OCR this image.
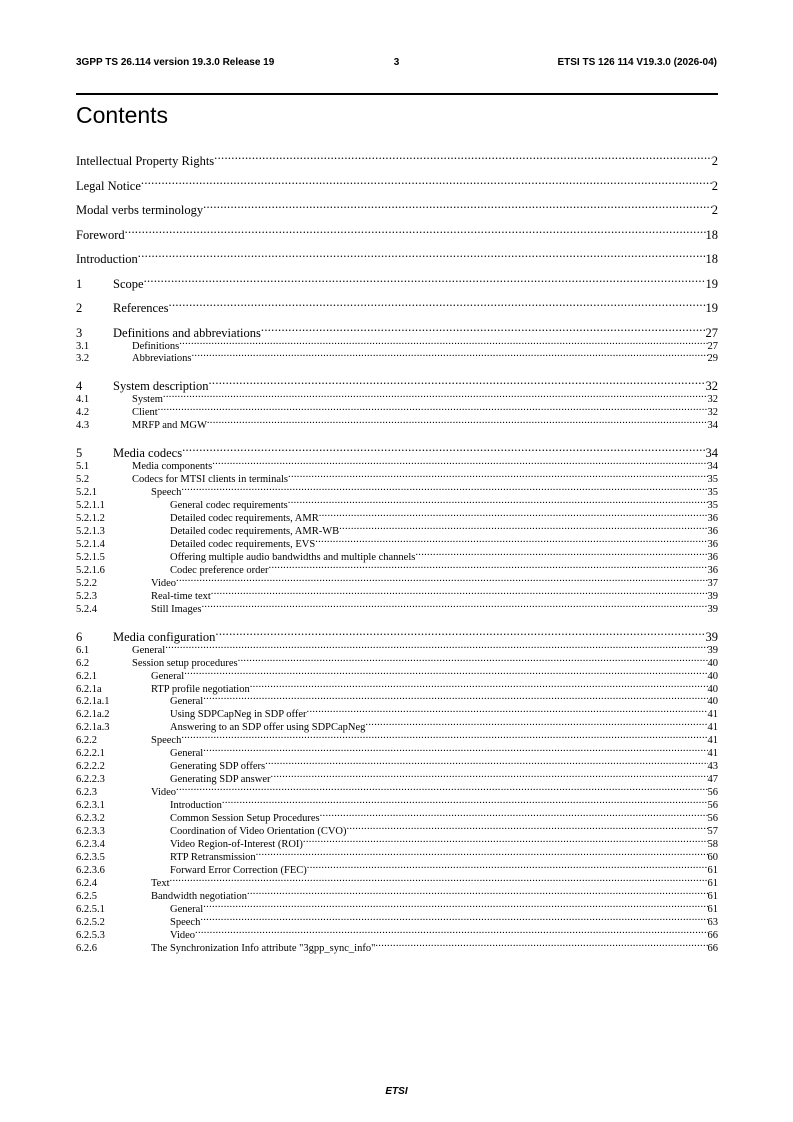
3GPP TS 26.114 version 19.3.0 Release 19	3	ETSI TS 126 114 V19.3.0 (2026-04)
Contents
Intellectual Property Rights .....	2
Legal Notice .....	2
Modal verbs terminology .....	2
Foreword .....	18
Introduction .....	18
1	Scope .....	19
2	References .....	19
3	Definitions and abbreviations .....	27
3.1	Definitions .....	27
3.2	Abbreviations .....	29
4	System description .....	32
4.1	System .....	32
4.2	Client .....	32
4.3	MRFP and MGW .....	34
5	Media codecs .....	34
5.1	Media components .....	34
5.2	Codecs for MTSI clients in terminals .....	35
5.2.1	Speech .....	35
5.2.1.1	General codec requirements .....	35
5.2.1.2	Detailed codec requirements, AMR .....	36
5.2.1.3	Detailed codec requirements, AMR-WB .....	36
5.2.1.4	Detailed codec requirements, EVS .....	36
5.2.1.5	Offering multiple audio bandwidths and multiple channels .....	36
5.2.1.6	Codec preference order .....	36
5.2.2	Video .....	37
5.2.3	Real-time text .....	39
5.2.4	Still Images .....	39
6	Media configuration .....	39
6.1	General .....	39
6.2	Session setup procedures .....	40
6.2.1	General .....	40
6.2.1a	RTP profile negotiation .....	40
6.2.1a.1	General .....	40
6.2.1a.2	Using SDPCapNeg in SDP offer .....	41
6.2.1a.3	Answering to an SDP offer using SDPCapNeg .....	41
6.2.2	Speech .....	41
6.2.2.1	General .....	41
6.2.2.2	Generating SDP offers .....	43
6.2.2.3	Generating SDP answer .....	47
6.2.3	Video .....	56
6.2.3.1	Introduction .....	56
6.2.3.2	Common Session Setup Procedures .....	56
6.2.3.3	Coordination of Video Orientation (CVO) .....	57
6.2.3.4	Video Region-of-Interest (ROI) .....	58
6.2.3.5	RTP Retransmission .....	60
6.2.3.6	Forward Error Correction (FEC) .....	61
6.2.4	Text .....	61
6.2.5	Bandwidth negotiation .....	61
6.2.5.1	General .....	61
6.2.5.2	Speech .....	63
6.2.5.3	Video .....	66
6.2.6	The Synchronization Info attribute "3gpp_sync_info" .....	66
ETSI
